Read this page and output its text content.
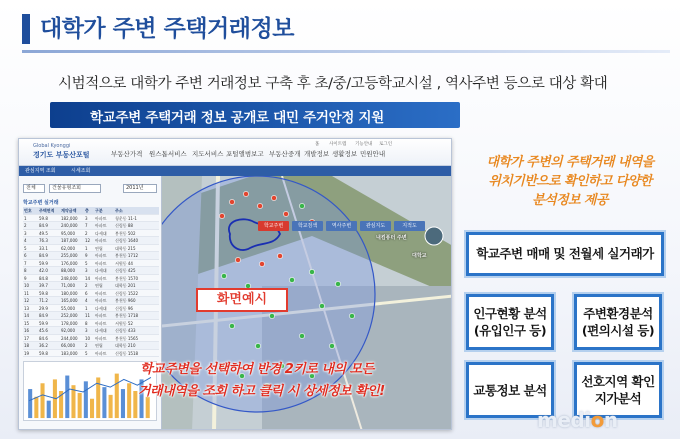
대학가 주변 주택거래정보
시범적으로 대학가 주변 거래정보 구축 후 초/중/고등학교시설 , 역사주변 등으로 대상 확대
학교주변 주택거래 정보 공개로 대민 주거안정 지원
Global Kyonggi
경기도 부동산포털	부동산가격 원스톱서비스 지도서비스 포털앨범보고 부동산중개 개발정보 생활정보 민원안내
홈 사이트맵 기능안내 로그인
관심지역 조회	시세조회
전체	건물유형조회	2011년
학교주변 실거래
번호 주택면적 계약금액 층 구분	주소
1	59.8	182,000 3 아파트 청운동 11-1
2	84.9	240,000 7 아파트 신림동 88
3	49.5	95,000	2 다세대 봉천동 502
4	76.3	187,000 12 아파트 신림동 1640
5	33.1	62,000	1 연립	대학동 215
6	84.9	255,000 9 아파트 봉천동 1712
7	59.9	176,000 5 아파트 서원동 44
8	42.0	88,000	3 다세대 신림동 425
9	84.8	248,000 14 아파트 봉천동 1570
10 39.7	71,000	2 연립	대학동 201
11 59.8	180,000 6 아파트 신림동 1522
12 71.2	165,000 4 아파트 봉천동 960
13 29.9	55,000	1 다세대 신림동 96
14 84.9	252,000 11 아파트 봉천동 1718
15 59.9	178,000 8 아파트 서원동 52
16 45.6	92,000	3 다세대 신림동 433
17 84.6	244,000 10 아파트 봉천동 1565
18 36.2	66,000	2 연립	대학동 210
19 59.8	183,000 5 아파트 신림동 1518
학교주변	학교검색	역사주변	관심지도	지적도
내컴퓨터 주변
대학교
화면예시
학교주변을 선택하여 반경 2키로 내의 모든
거래내역을 조회 하고 클릭 시 상세정보 확인!
대학가 주변의 주택거래 내역을
위치기반으로 확인하고 다양한
분석정보 제공
학교주변 매매 및 전월세 실거래가
인구현황 분석
(유입인구 등)
주변환경분석
(편의시설 등)
교통정보 분석
선호지역 확인
지가분석
medion
